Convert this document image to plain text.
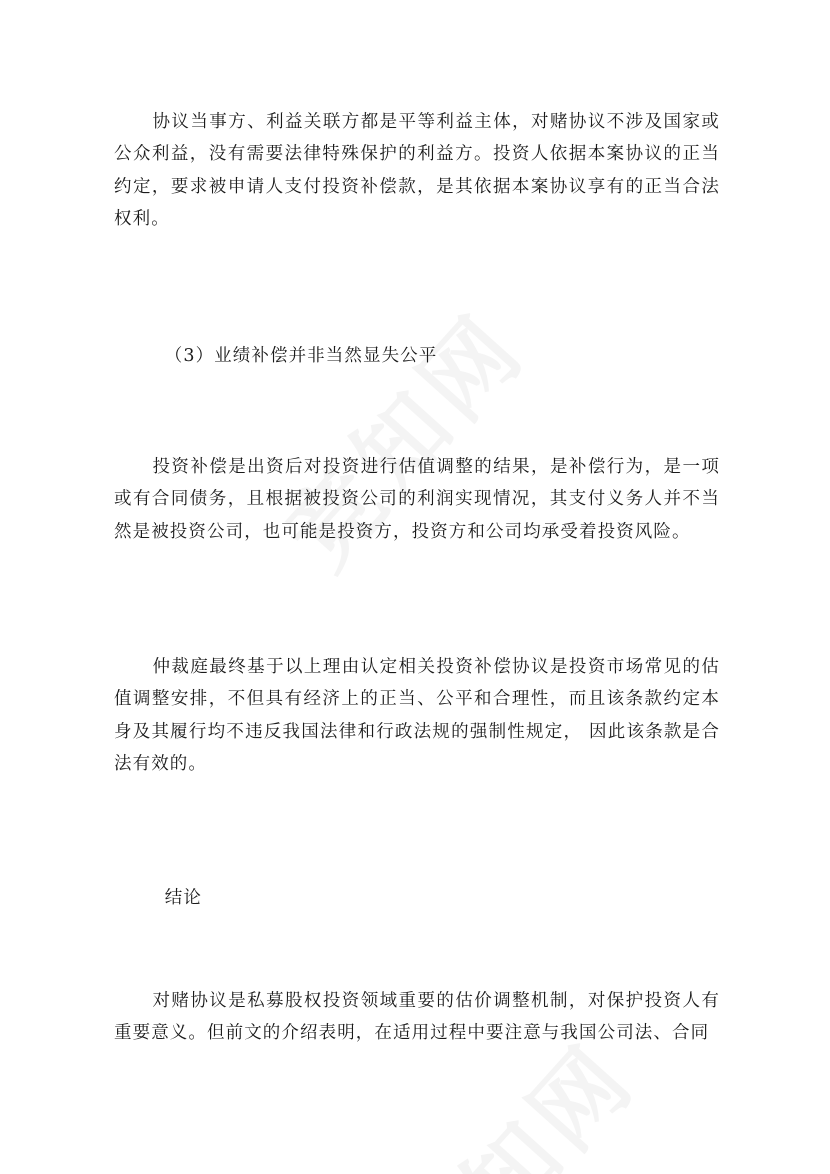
协议当事方、利益关联方都是平等利益主体，对赌协议不涉及国家或公众利益，没有需要法律特殊保护的利益方。投资人依据本案协议的正当约定，要求被申请人支付投资补偿款，是其依据本案协议享有的正当合法权利。

（3）业绩补偿并非当然显失公平

投资补偿是出资后对投资进行估值调整的结果，是补偿行为，是一项或有合同债务，且根据被投资公司的利润实现情况，其支付义务人并不当然是被投资公司，也可能是投资方，投资方和公司均承受着投资风险。

仲裁庭最终基于以上理由认定相关投资补偿协议是投资市场常见的估值调整安排，不但具有经济上的正当、公平和合理性，而且该条款约定本身及其履行均不违反我国法律和行政法规的强制性规定， 因此该条款是合法有效的。

结论

对赌协议是私募股权投资领域重要的估价调整机制，对保护投资人有重要意义。但前文的介绍表明，在适用过程中要注意与我国公司法、合同
